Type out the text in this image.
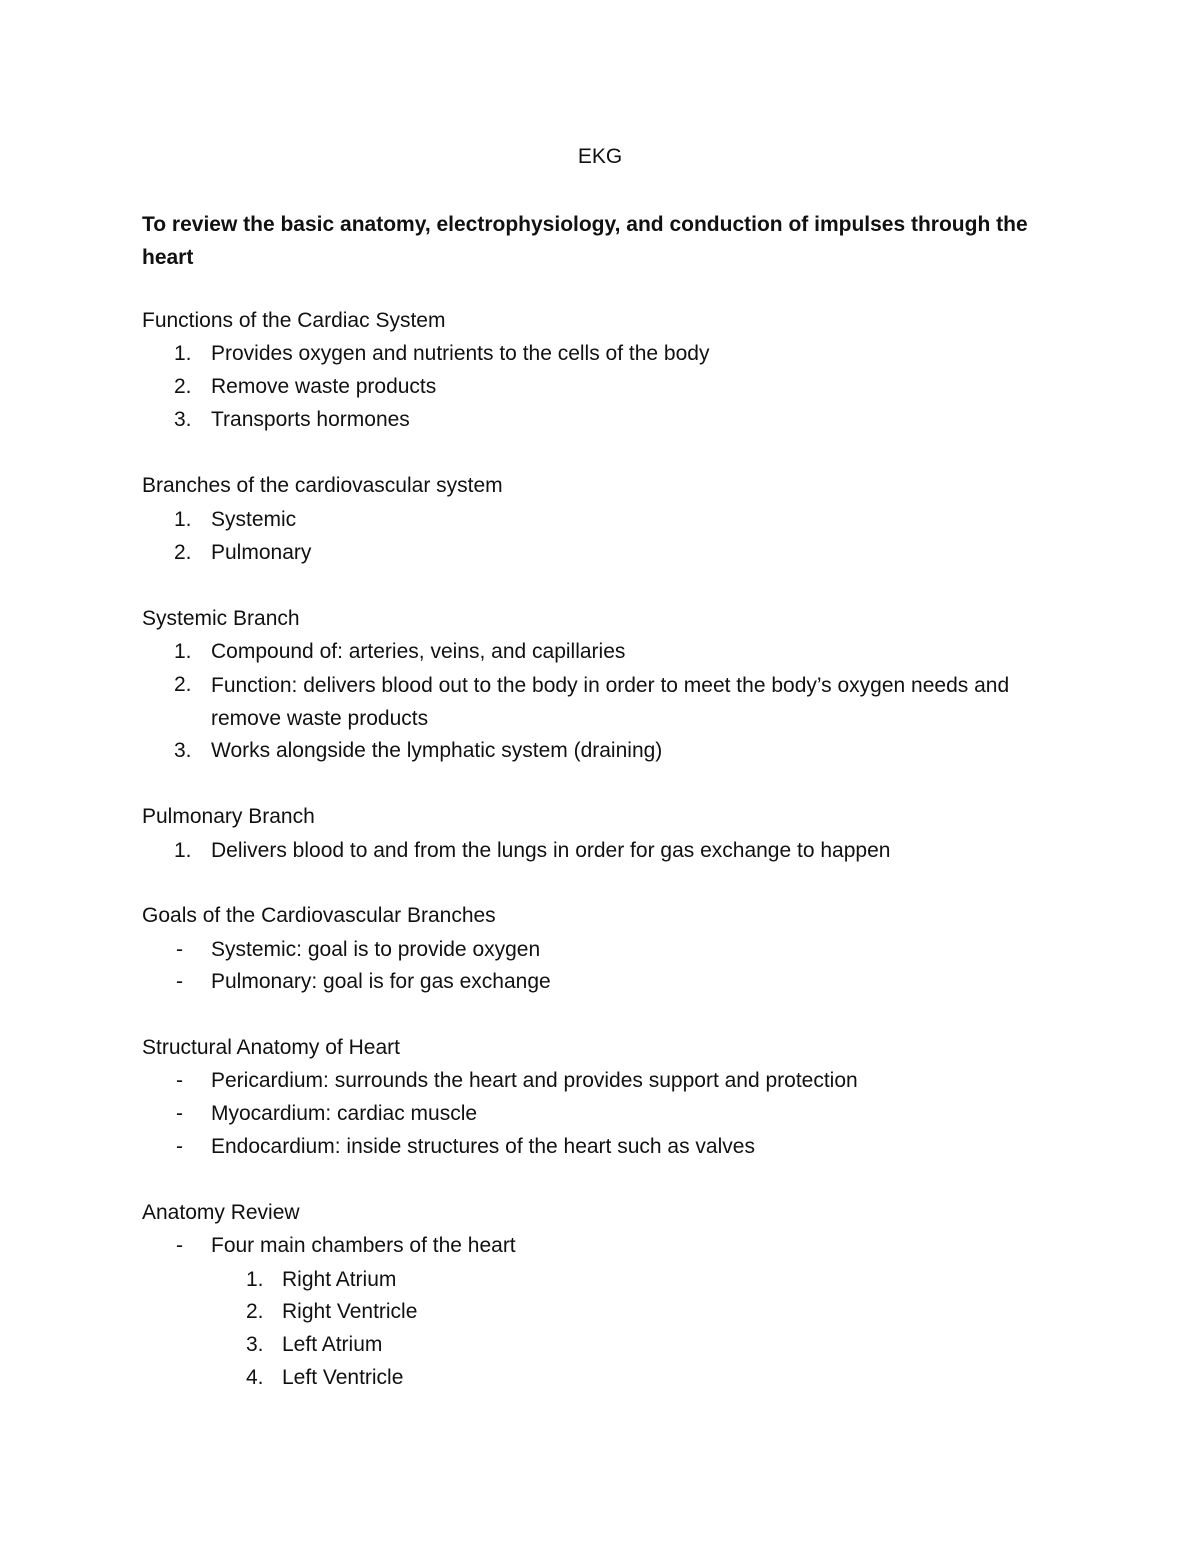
EKG
To review the basic anatomy, electrophysiology, and conduction of impulses through the heart
Functions of the Cardiac System
1. Provides oxygen and nutrients to the cells of the body
2. Remove waste products
3. Transports hormones
Branches of the cardiovascular system
1. Systemic
2. Pulmonary
Systemic Branch
1. Compound of: arteries, veins, and capillaries
2. Function: delivers blood out to the body in order to meet the body’s oxygen needs and remove waste products
3. Works alongside the lymphatic system (draining)
Pulmonary Branch
1. Delivers blood to and from the lungs in order for gas exchange to happen
Goals of the Cardiovascular Branches
- Systemic: goal is to provide oxygen
- Pulmonary: goal is for gas exchange
Structural Anatomy of Heart
- Pericardium: surrounds the heart and provides support and protection
- Myocardium: cardiac muscle
- Endocardium: inside structures of the heart such as valves
Anatomy Review
- Four main chambers of the heart
1. Right Atrium
2. Right Ventricle
3. Left Atrium
4. Left Ventricle
